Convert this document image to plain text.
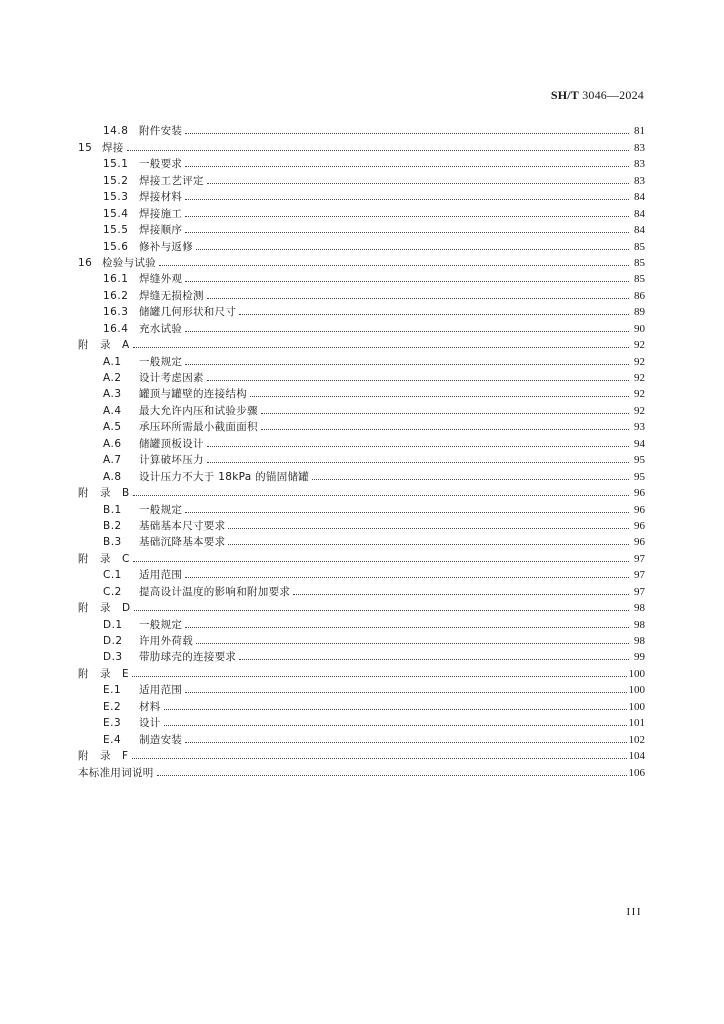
SH/T 3046—2024
14.8	附件安装	81
15 焊接	83
15.1	一般要求	83
15.2	焊接工艺评定	83
15.3	焊接材料	84
15.4	焊接施工	84
15.5	焊接顺序	84
15.6	修补与返修	85
16 检验与试验	85
16.1	焊缝外观	85
16.2	焊缝无损检测	86
16.3	储罐几何形状和尺寸	89
16.4	充水试验	90
附　录　A	92
A.1	一般规定	92
A.2	设计考虑因素	92
A.3	罐顶与罐壁的连接结构	92
A.4	最大允许内压和试验步骤	92
A.5	承压环所需最小截面面积	93
A.6	储罐顶板设计	94
A.7	计算破坏压力	95
A.8	设计压力不大于 18kPa 的锚固储罐	95
附　录　B	96
B.1	一般规定	96
B.2	基础基本尺寸要求	96
B.3	基础沉降基本要求	96
附　录　C	97
C.1	适用范围	97
C.2	提高设计温度的影响和附加要求	97
附　录　D	98
D.1	一般规定	98
D.2	许用外荷载	98
D.3	带肋球壳的连接要求	99
附　录　E	100
E.1	适用范围	100
E.2	材料	100
E.3	设计	101
E.4	制造安装	102
附　录　F	104
本标准用词说明	106
III
